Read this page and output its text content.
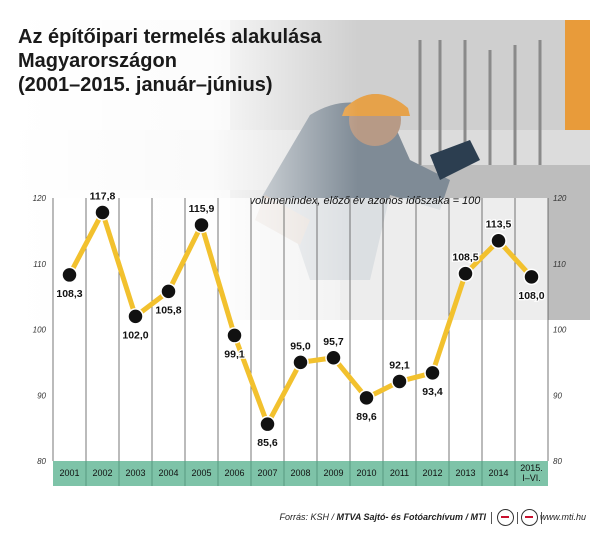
Az építőipari termelés alakulása Magyarországon
(2001–2015. január–június)
volumenindex, előző év azonos időszaka = 100
80	80
90	90
100	100
110	110
120	120
2001 2002 2003 2004 2005 2006 2007 2008 2009 2010 2011 2012 2013 2014 2015. I–VI.
108,3
117,8
102,0
105,8
115,9
99,1
85,6
95,0 95,7
89,6
92,1
93,4
108,5
113,5
108,0
Forrás: KSH / MTVA Sajtó- és Fotóarchívum / MTI	www.mti.hu
